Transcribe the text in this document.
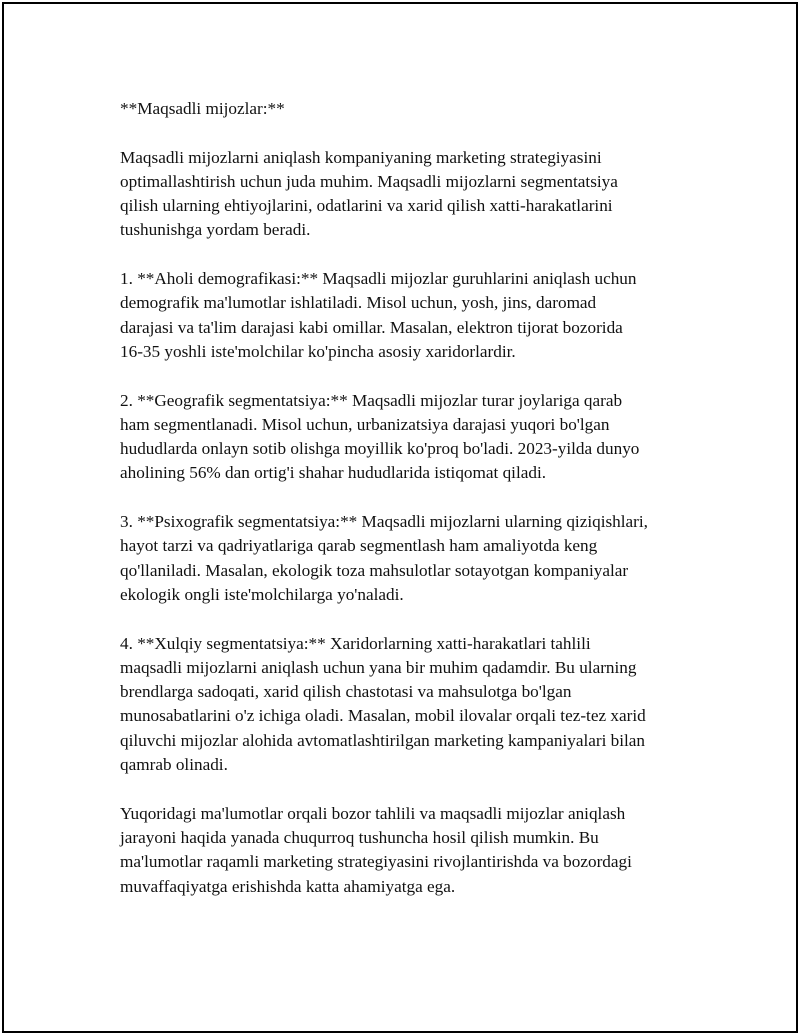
**Maqsadli mijozlar:**

Maqsadli mijozlarni aniqlash kompaniyaning marketing strategiyasini
optimallashtirish uchun juda muhim. Maqsadli mijozlarni segmentatsiya
qilish ularning ehtiyojlarini, odatlarini va xarid qilish xatti-harakatlarini
tushunishga yordam beradi.

1. **Aholi demografikasi:** Maqsadli mijozlar guruhlarini aniqlash uchun
demografik ma'lumotlar ishlatiladi. Misol uchun, yosh, jins, daromad
darajasi va ta'lim darajasi kabi omillar. Masalan, elektron tijorat bozorida
16-35 yoshli iste'molchilar ko'pincha asosiy xaridorlardir.

2. **Geografik segmentatsiya:** Maqsadli mijozlar turar joylariga qarab
ham segmentlanadi. Misol uchun, urbanizatsiya darajasi yuqori bo'lgan
hududlarda onlayn sotib olishga moyillik ko'proq bo'ladi. 2023-yilda dunyo
aholining 56% dan ortig'i shahar hududlarida istiqomat qiladi.

3. **Psixografik segmentatsiya:** Maqsadli mijozlarni ularning qiziqishlari,
hayot tarzi va qadriyatlariga qarab segmentlash ham amaliyotda keng
qo'llaniladi. Masalan, ekologik toza mahsulotlar sotayotgan kompaniyalar
ekologik ongli iste'molchilarga yo'naladi.

4. **Xulqiy segmentatsiya:** Xaridorlarning xatti-harakatlari tahlili
maqsadli mijozlarni aniqlash uchun yana bir muhim qadamdir. Bu ularning
brendlarga sadoqati, xarid qilish chastotasi va mahsulotga bo'lgan
munosabatlarini o'z ichiga oladi. Masalan, mobil ilovalar orqali tez-tez xarid
qiluvchi mijozlar alohida avtomatlashtirilgan marketing kampaniyalari bilan
qamrab olinadi.

Yuqoridagi ma'lumotlar orqali bozor tahlili va maqsadli mijozlar aniqlash
jarayoni haqida yanada chuqurroq tushuncha hosil qilish mumkin. Bu
ma'lumotlar raqamli marketing strategiyasini rivojlantirishda va bozordagi
muvaffaqiyatga erishishda katta ahamiyatga ega.
